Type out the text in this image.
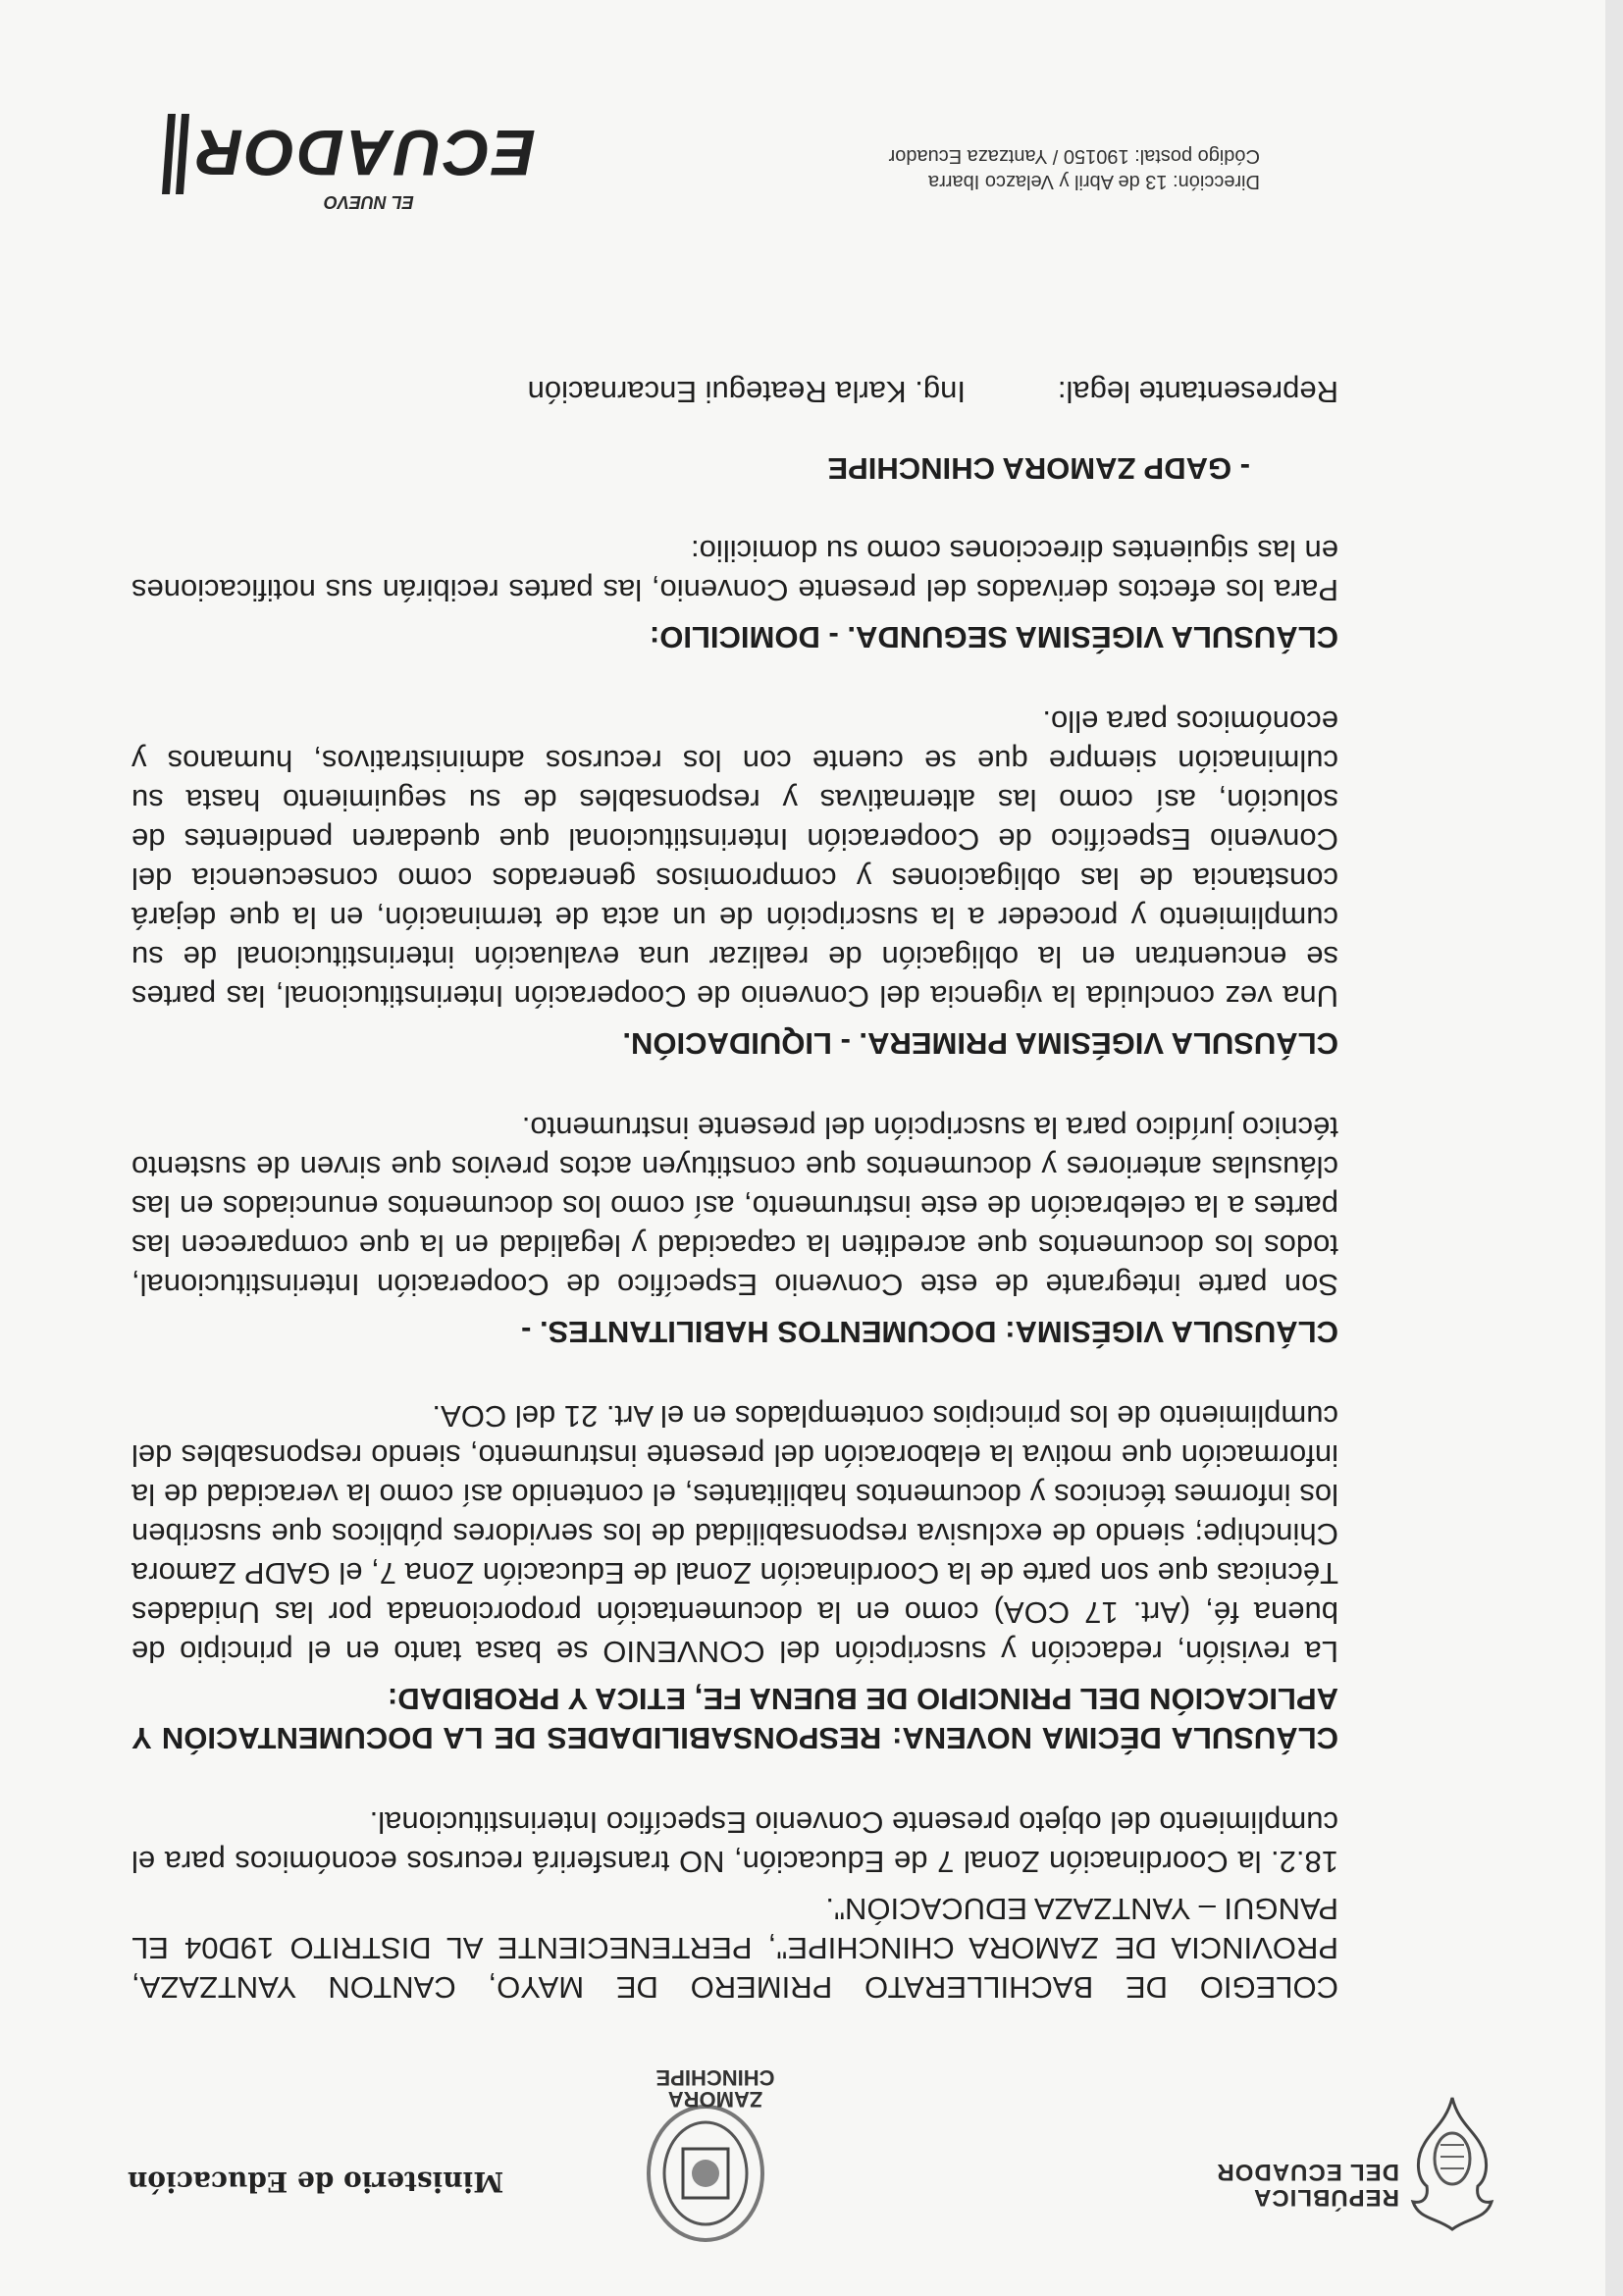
REPÚBLICA
DEL ECUADOR
ZAMORA
CHINCHIPE
Ministerio de Educación

COLEGIO DE BACHILLERATO PRIMERO DE MAYO, CANTON YANTZAZA, PROVINCIA DE ZAMORA CHINCHIPE", PERTENECIENTE AL DISTRITO 19D04 EL PANGUI – YANTZAZA EDUCACIÓN".

18.2. la Coordinación Zonal 7 de Educación, NO transferirá recursos económicos para el cumplimiento del objeto presente Convenio Específico Interinstitucional.

CLÁUSULA DÉCIMA NOVENA: RESPONSABILIDADES DE LA DOCUMENTACIÓN Y APLICACIÓN DEL PRINCIPIO DE BUENA FE, ETICA Y PROBIDAD:

La revisión, redacción y suscripción del CONVENIO se basa tanto en el principio de buena fé, (Art. 17 COA) como en la documentación proporcionada por las Unidades Técnicas que son parte de la Coordinación Zonal de Educación Zona 7, el GADP Zamora Chinchipe; siendo de exclusiva responsabilidad de los servidores públicos que suscriben los informes técnicos y documentos habilitantes, el contenido así como la veracidad de la información que motiva la elaboración del presente instrumento, siendo responsables del cumplimiento de los principios contemplados en el Art. 21 del COA.

CLÁUSULA VIGÉSIMA: DOCUMENTOS HABILITANTES. -

Son parte integrante de este Convenio Específico de Cooperación Interinstitucional, todos los documentos que acrediten la capacidad y legalidad en la que comparecen las partes a la celebración de este instrumento, así como los documentos enunciados en las cláusulas anteriores y documentos que constituyen actos previos que sirven de sustento técnico jurídico para la suscripción del presente instrumento.

CLÁUSULA VIGÉSIMA PRIMERA. - LIQUIDACIÓN.

Una vez concluida la vigencia del Convenio de Cooperación Interinstitucional, las partes se encuentran en la obligación de realizar una evaluación interinstitucional de su cumplimiento y proceder a la suscripción de un acta de terminación, en la que dejará constancia de las obligaciones y compromisos generados como consecuencia del Convenio Específico de Cooperación Interinstitucional que quedaren pendientes de solución, así como las alternativas y responsables de su seguimiento hasta su culminación siempre que se cuente con los recursos administrativos, humanos y económicos para ello.

CLÁUSULA VIGÉSIMA SEGUNDA. - DOMICILIO:

Para los efectos derivados del presente Convenio, las partes recibirán sus notificaciones en las siguientes direcciones como su domicilio:

- GADP ZAMORA CHINCHIPE
Representante legal:
Ing. Karla Reategui Encarnación
Dirección: 13 de Abril y Velazco Ibarra
Código postal: 190150 / Yantzaza Ecuador
EL NUEVO
ECUADOR
